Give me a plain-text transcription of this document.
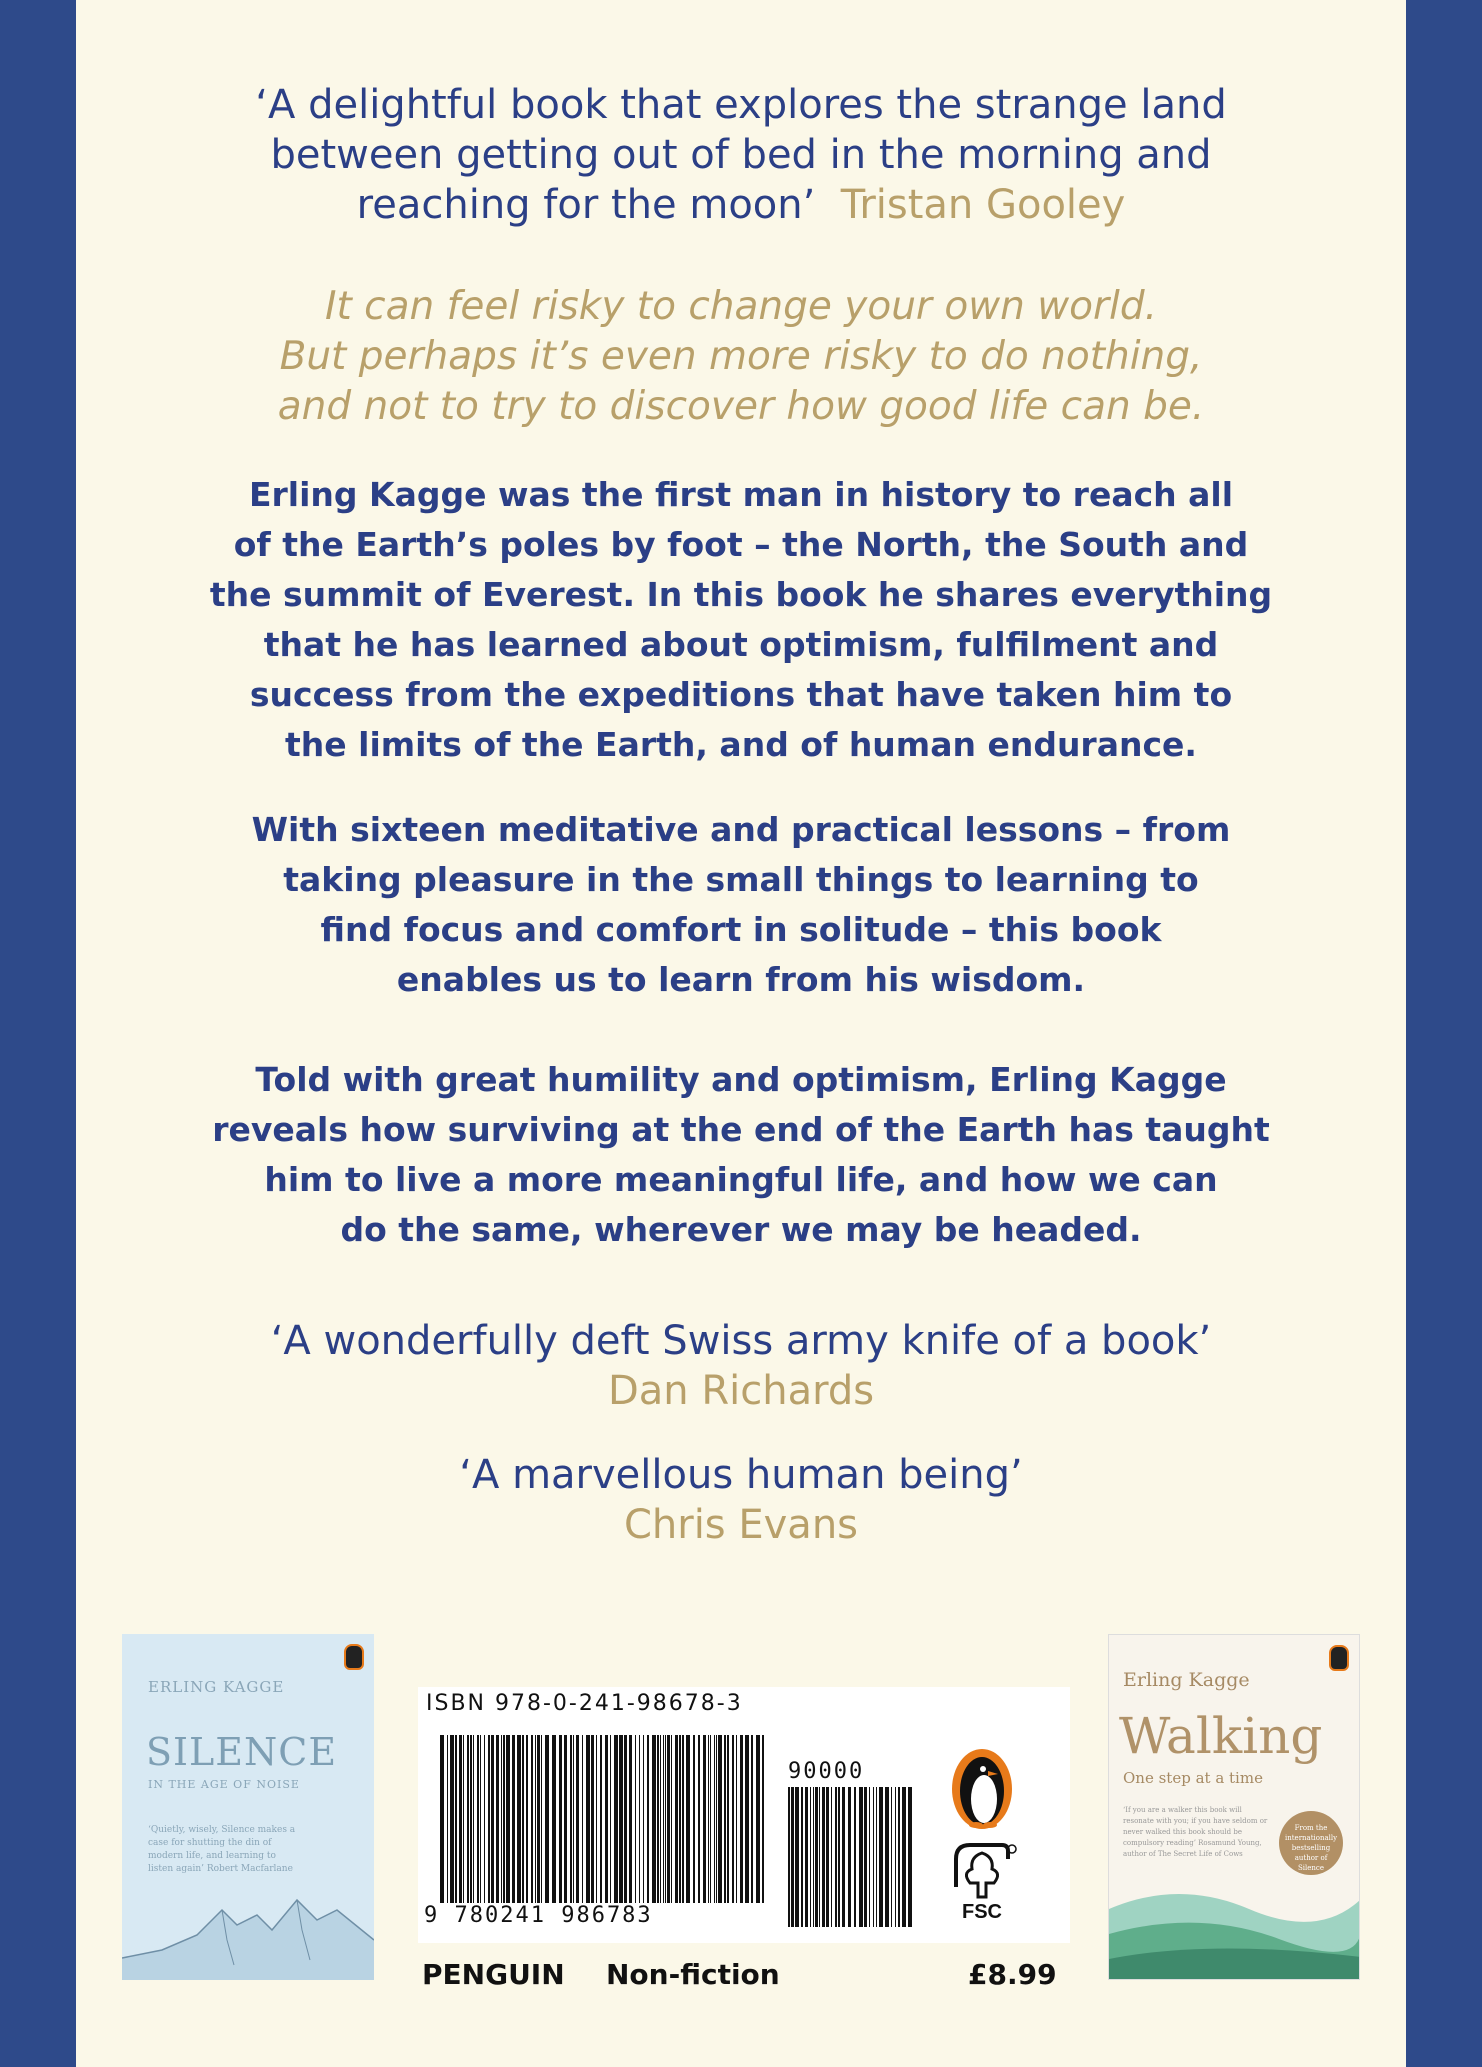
‘A delightful book that explores the strange land
between getting out of bed in the morning and
reaching for the moon’ Tristan Gooley
It can feel risky to change your own world.
But perhaps it’s even more risky to do nothing,
and not to try to discover how good life can be.
Erling Kagge was the first man in history to reach all
of the Earth’s poles by foot – the North, the South and
the summit of Everest. In this book he shares everything
that he has learned about optimism, fulfilment and
success from the expeditions that have taken him to
the limits of the Earth, and of human endurance.
With sixteen meditative and practical lessons – from
taking pleasure in the small things to learning to
find focus and comfort in solitude – this book
enables us to learn from his wisdom.
Told with great humility and optimism, Erling Kagge
reveals how surviving at the end of the Earth has taught
him to live a more meaningful life, and how we can
do the same, wherever we may be headed.
‘A wonderfully deft Swiss army knife of a book’
Dan Richards
‘A marvellous human being’
Chris Evans
ERLING KAGGE
SILENCE
IN THE AGE OF NOISE
‘Quietly, wisely, Silence makes a case for shutting the din of modern life, and learning to listen again’ Robert Macfarlane
ISBN 978-0-241-98678-3
9 780241 986783
90000
FSC
Erling Kagge
Walking
One step at a time
‘If you are a walker this book will resonate with you; if you have seldom or never walked this book should be compulsory reading’ Rosamund Young, author of The Secret Life of Cows
From the internationally bestselling author of Silence
PENGUIN Non-fiction	£8.99
